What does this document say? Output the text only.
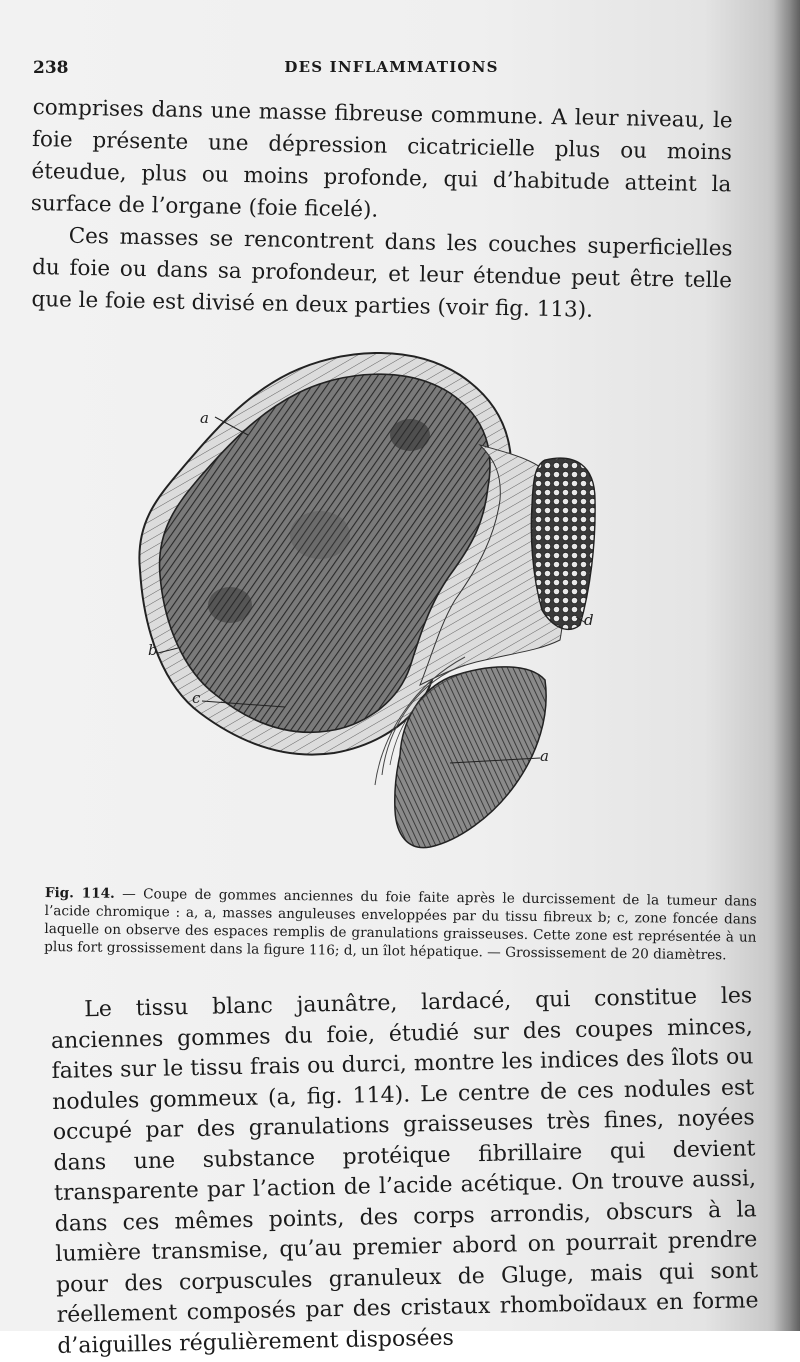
238	DES INFLAMMATIONS

comprises dans une masse fibreuse commune. A leur niveau, le foie présente une dépression cicatricielle plus ou moins éteudue, plus ou moins profonde, qui d’habitude atteint la surface de l’organe (foie ficelé).

Ces masses se rencontrent dans les couches superficielles du foie ou dans sa profondeur, et leur étendue peut être telle que le foie est divisé en deux parties (voir fig. 113).

a
b
c
d
a

Fig. 114. — Coupe de gommes anciennes du foie faite après le durcissement de la tumeur dans l’acide chromique : a, a, masses anguleuses enveloppées par du tissu fibreux b; c, zone foncée dans laquelle on observe des espaces remplis de granulations graisseuses. Cette zone est représentée à un plus fort grossissement dans la figure 116; d, un îlot hépatique. — Grossissement de 20 diamètres.

Le tissu blanc jaunâtre, lardacé, qui constitue les anciennes gommes du foie, étudié sur des coupes minces, faites sur le tissu frais ou durci, montre les indices des îlots ou nodules gommeux (a, fig. 114). Le centre de ces nodules est occupé par des granulations graisseuses très fines, noyées dans une substance protéique fibrillaire qui devient transparente par l’action de l’acide acétique. On trouve aussi, dans ces mêmes points, des corps arrondis, obscurs à la lumière transmise, qu’au premier abord on pourrait prendre pour des corpuscules granuleux de Gluge, mais qui sont réellement composés par des cristaux rhomboïdaux en forme d’aiguilles régulièrement disposées
